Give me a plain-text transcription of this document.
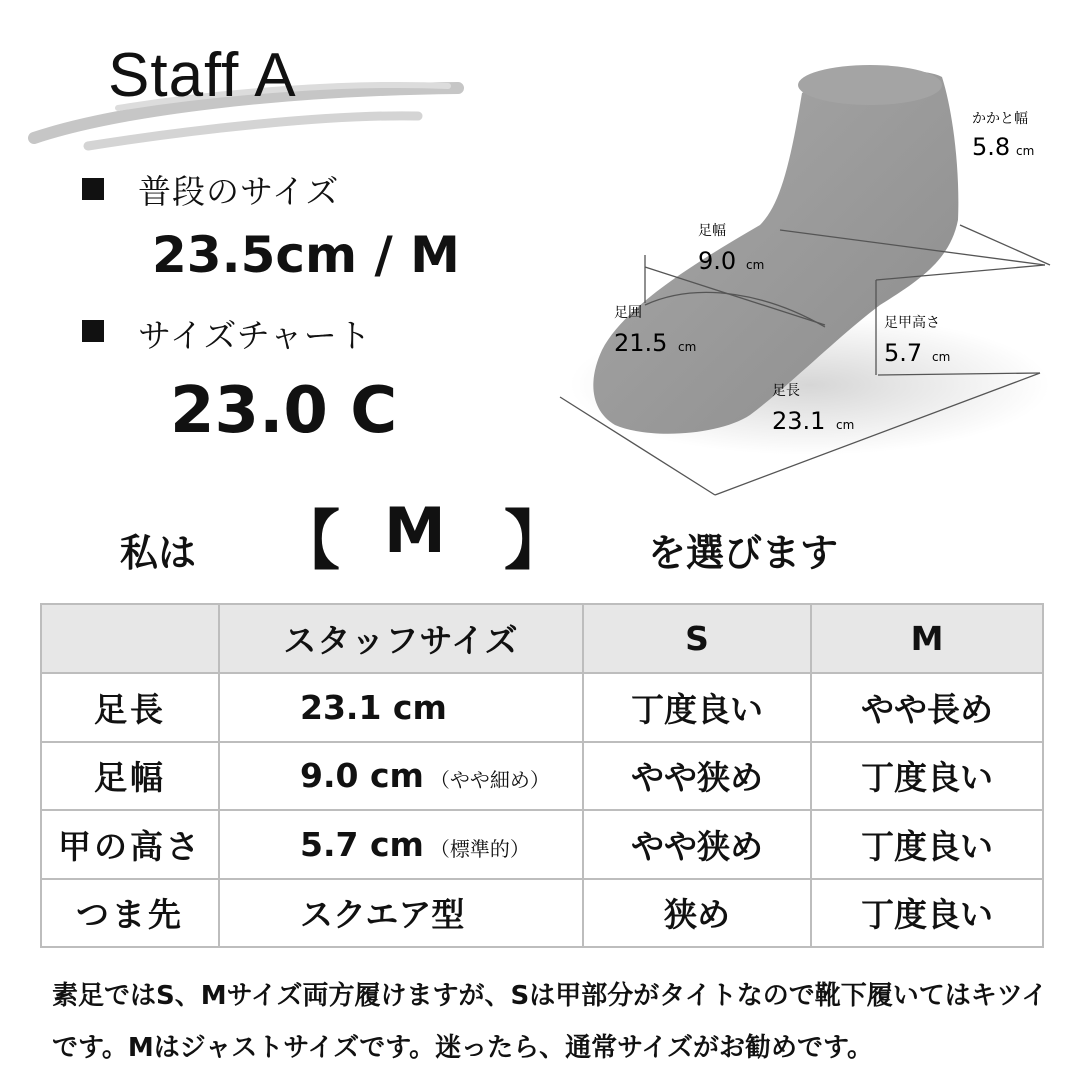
Staff A
普段のサイズ
23.5cm / M
サイズチャート
23.0 C
かかと幅
5.8 cm
足幅
9.0 cm
足囲
21.5 cm
足甲高さ
5.7 cm
足長
23.1 cm
私は 【 M 】 を選びます
	スタッフサイズ	S	M
足長	23.1 cm	丁度良い	やや長め
足幅	9.0 cm （やや細め）	やや狭め	丁度良い
甲の高さ	5.7 cm （標準的）	やや狭め	丁度良い
つま先	スクエア型	狭め	丁度良い
素足ではS、Mサイズ両方履けますが、Sは甲部分がタイトなので靴下履いてはキツイです。Mはジャストサイズです。迷ったら、通常サイズがお勧めです。
